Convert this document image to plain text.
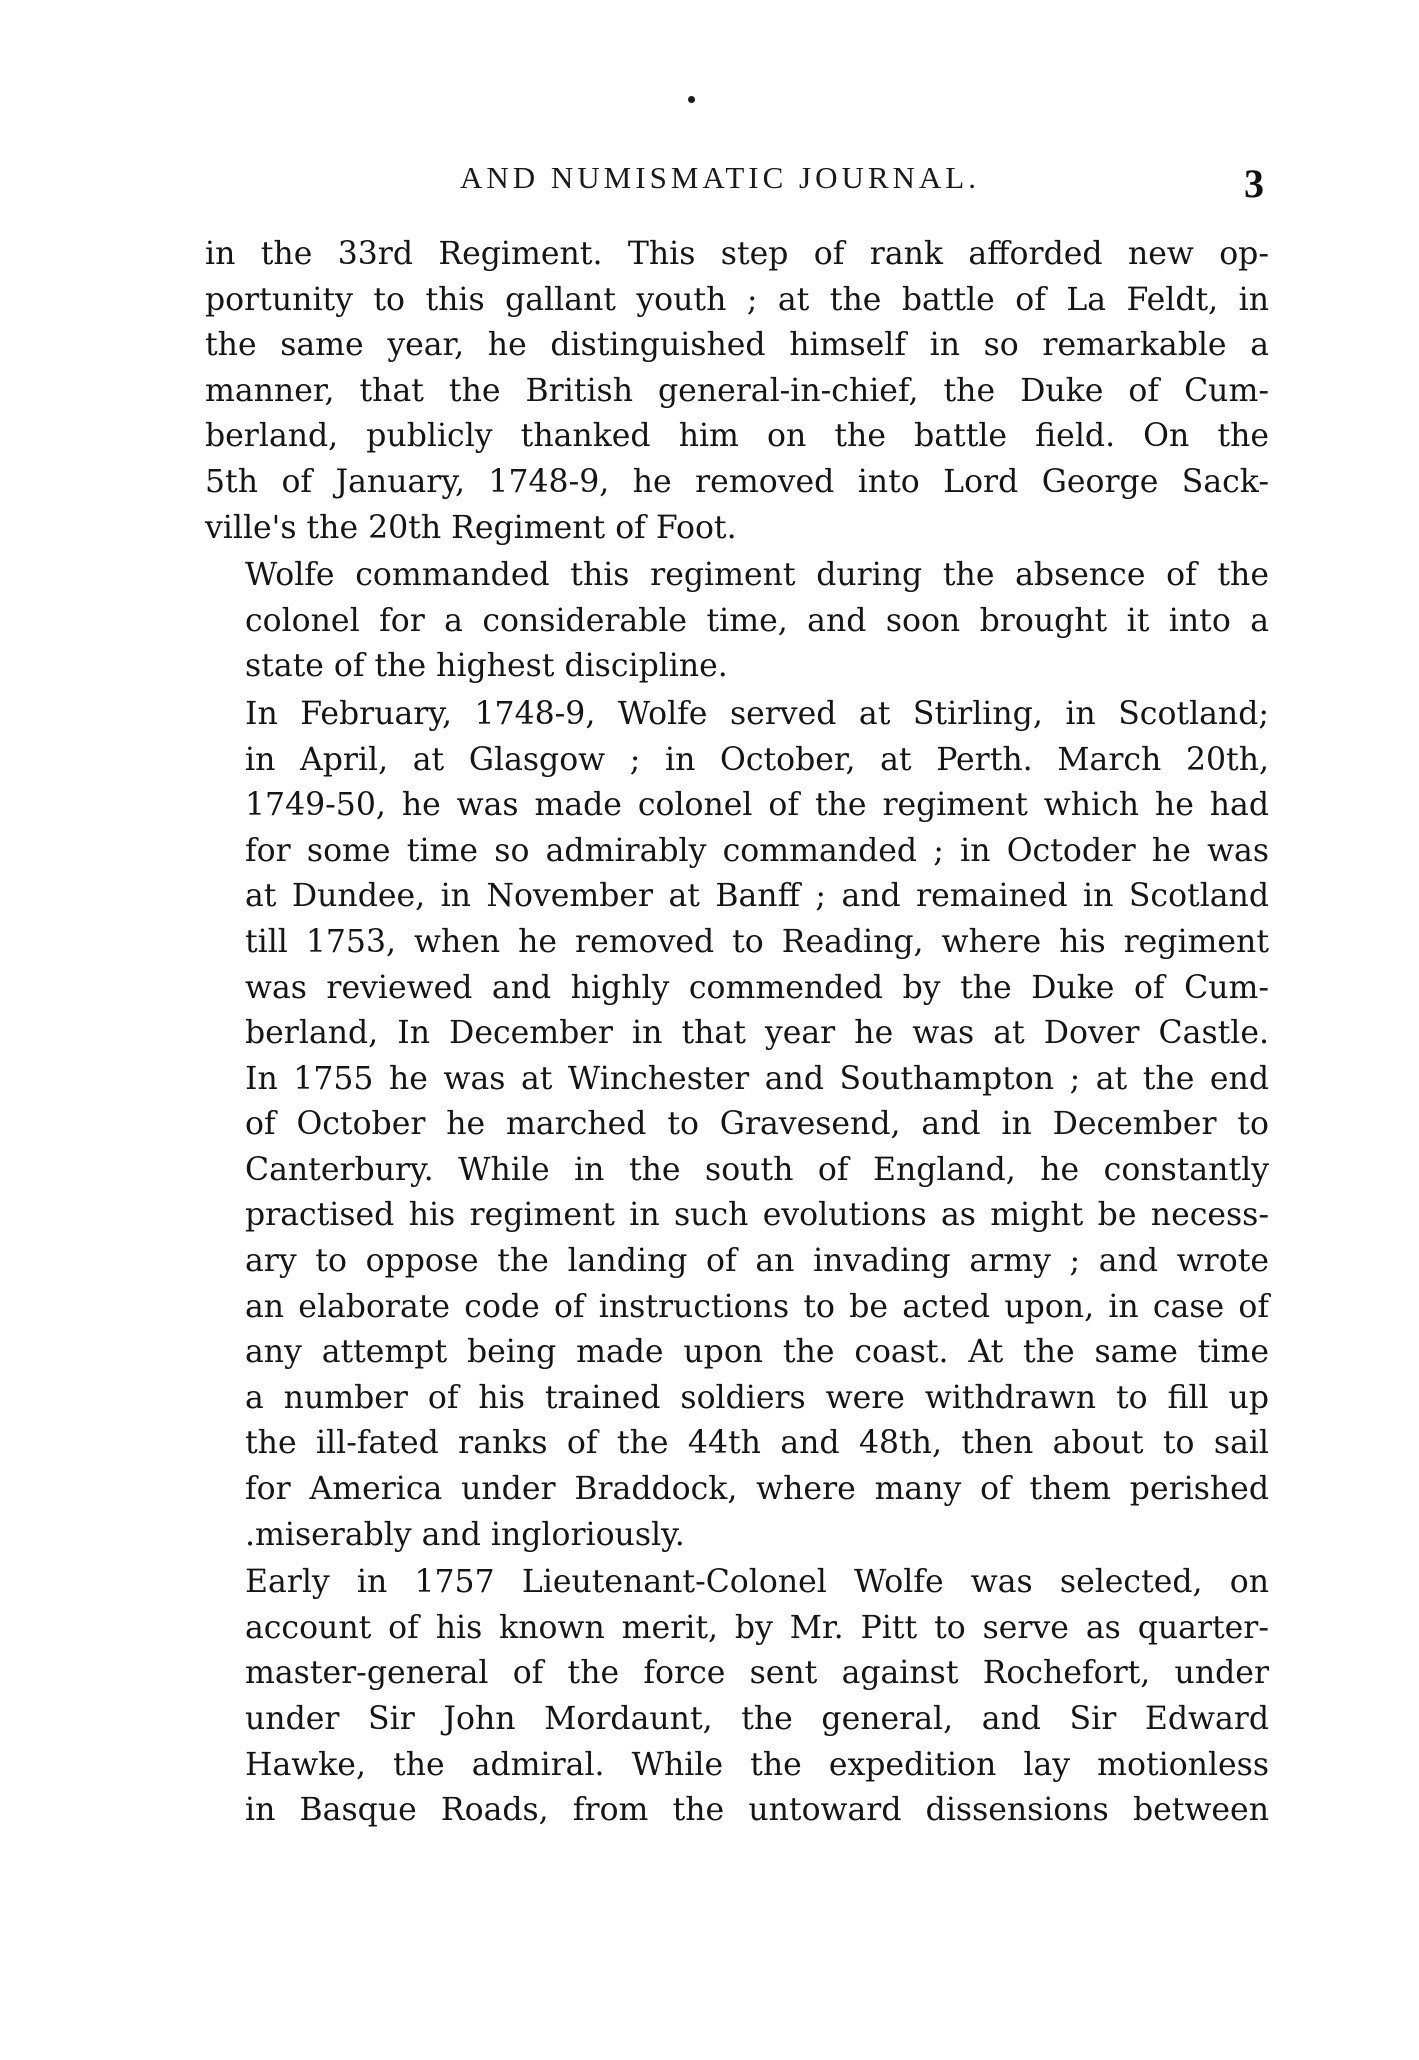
AND NUMISMATIC JOURNAL.	3

in the 33rd Regiment. This step of rank afforded new op-
portunity to this gallant youth ; at the battle of La Feldt, in
the same year, he distinguished himself in so remarkable a
manner, that the British general-in-chief, the Duke of Cum-
berland, publicly thanked him on the battle field. On the
5th of January, 1748-9, he removed into Lord George Sack-
ville's the 20th Regiment of Foot.

Wolfe commanded this regiment during the absence of the
colonel for a considerable time, and soon brought it into a
state of the highest discipline.

In February, 1748-9, Wolfe served at Stirling, in Scotland;
in April, at Glasgow ; in October, at Perth. March 20th,
1749-50, he was made colonel of the regiment which he had
for some time so admirably commanded ; in Octoder he was
at Dundee, in November at Banff ; and remained in Scotland
till 1753, when he removed to Reading, where his regiment
was reviewed and highly commended by the Duke of Cum-
berland, In December in that year he was at Dover Castle.
In 1755 he was at Winchester and Southampton ; at the end
of October he marched to Gravesend, and in December to
Canterbury. While in the south of England, he constantly
practised his regiment in such evolutions as might be necess-
ary to oppose the landing of an invading army ; and wrote
an elaborate code of instructions to be acted upon, in case of
any attempt being made upon the coast. At the same time
a number of his trained soldiers were withdrawn to fill up
the ill-fated ranks of the 44th and 48th, then about to sail
for America under Braddock, where many of them perished
.miserably and ingloriously.

Early in 1757 Lieutenant-Colonel Wolfe was selected, on
account of his known merit, by Mr. Pitt to serve as quarter-
master-general of the force sent against Rochefort, under
under Sir John Mordaunt, the general, and Sir Edward
Hawke, the admiral. While the expedition lay motionless
in Basque Roads, from the untoward dissensions between
